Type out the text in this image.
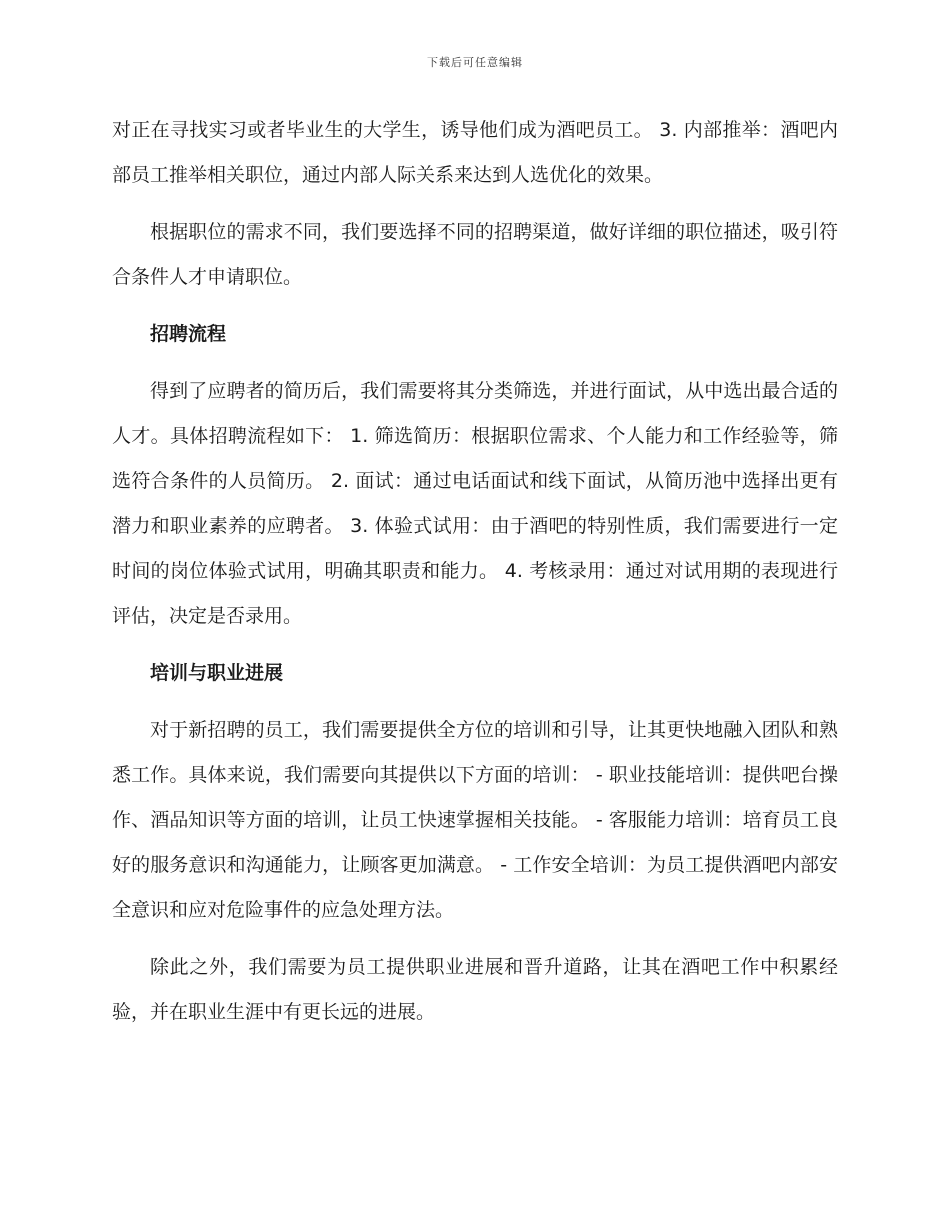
下载后可任意编辑

对正在寻找实习或者毕业生的大学生，诱导他们成为酒吧员工。 3. 内部推举：酒吧内部员工推举相关职位，通过内部人际关系来达到人选优化的效果。

根据职位的需求不同，我们要选择不同的招聘渠道，做好详细的职位描述，吸引符合条件人才申请职位。

招聘流程

得到了应聘者的简历后，我们需要将其分类筛选，并进行面试，从中选出最合适的人才。具体招聘流程如下： 1. 筛选简历：根据职位需求、个人能力和工作经验等，筛选符合条件的人员简历。 2. 面试：通过电话面试和线下面试，从简历池中选择出更有潜力和职业素养的应聘者。 3. 体验式试用：由于酒吧的特别性质，我们需要进行一定时间的岗位体验式试用，明确其职责和能力。 4. 考核录用：通过对试用期的表现进行评估，决定是否录用。

培训与职业进展

对于新招聘的员工，我们需要提供全方位的培训和引导，让其更快地融入团队和熟悉工作。具体来说，我们需要向其提供以下方面的培训： - 职业技能培训：提供吧台操作、酒品知识等方面的培训，让员工快速掌握相关技能。 - 客服能力培训：培育员工良好的服务意识和沟通能力，让顾客更加满意。 - 工作安全培训：为员工提供酒吧内部安全意识和应对危险事件的应急处理方法。

除此之外，我们需要为员工提供职业进展和晋升道路，让其在酒吧工作中积累经验，并在职业生涯中有更长远的进展。
